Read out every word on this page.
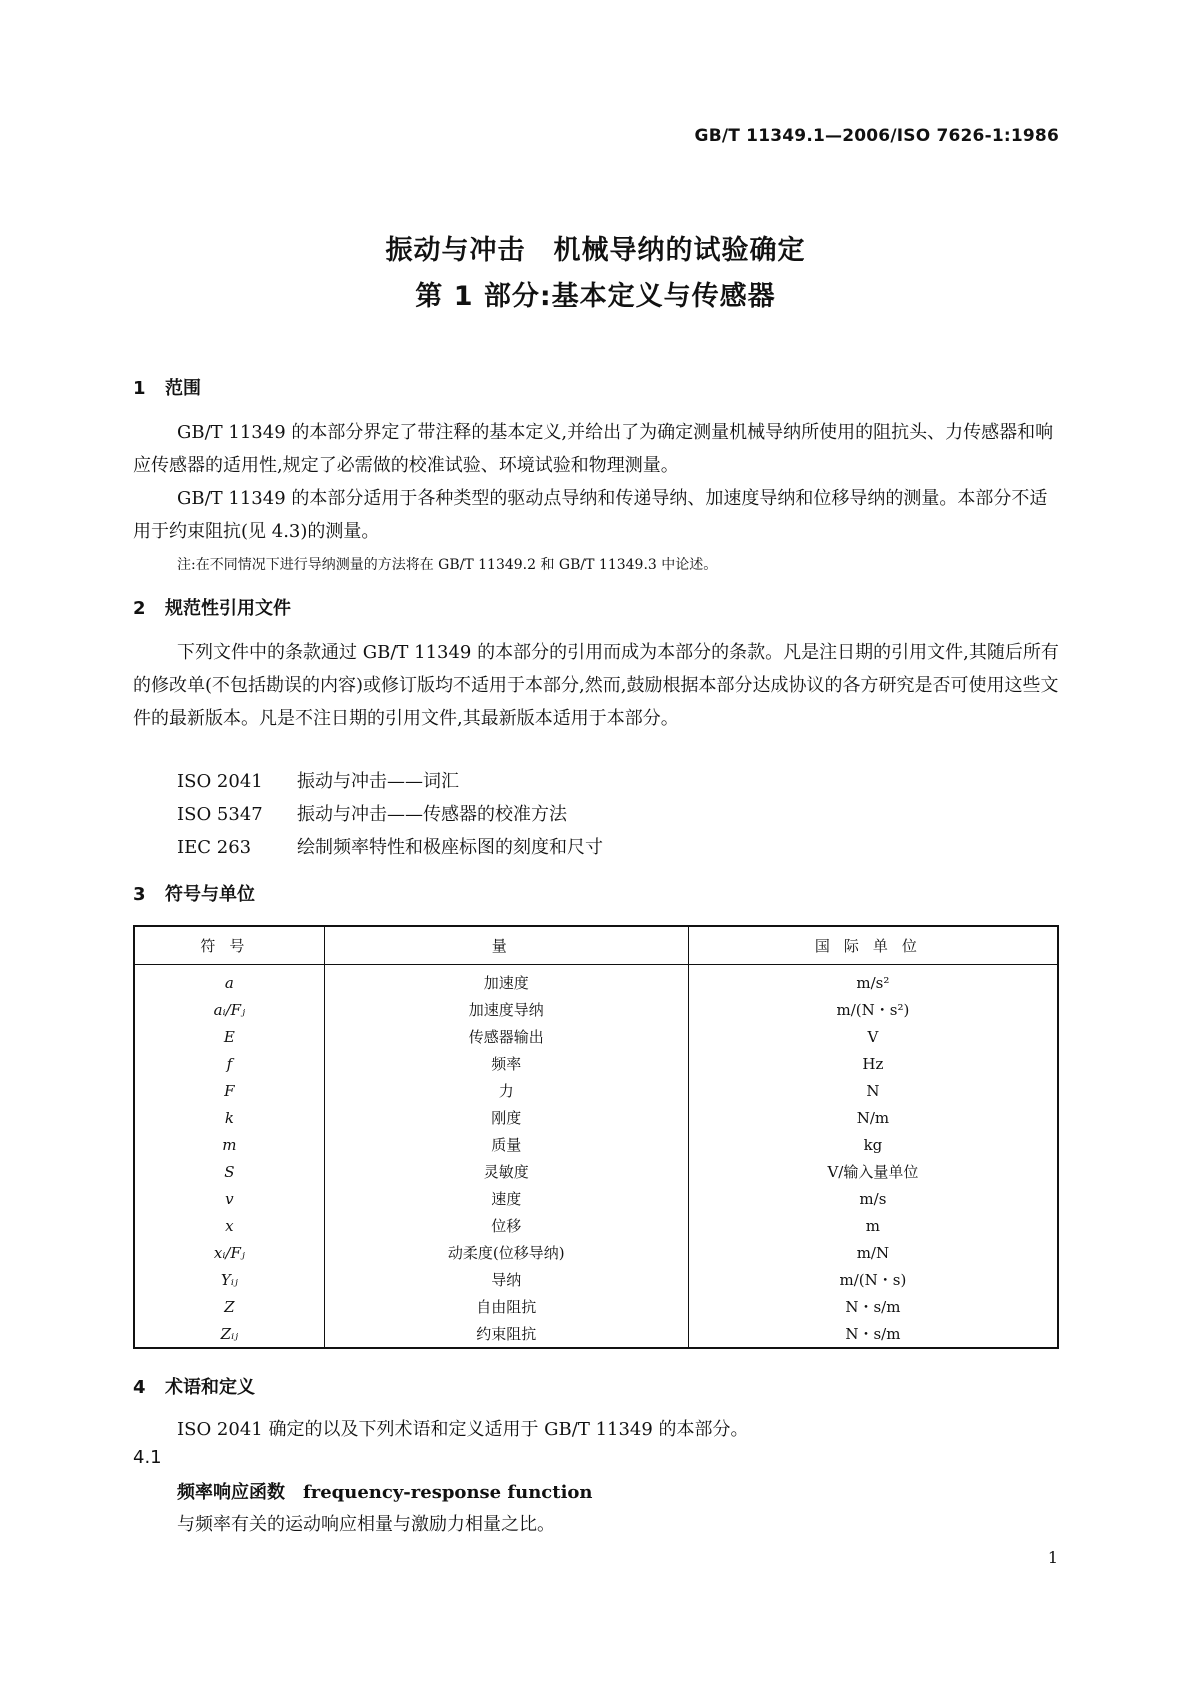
GB/T 11349.1—2006/ISO 7626-1:1986
振动与冲击　机械导纳的试验确定
第 1 部分:基本定义与传感器
1 范围
GB/T 11349 的本部分界定了带注释的基本定义,并给出了为确定测量机械导纳所使用的阻抗头、力传感器和响应传感器的适用性,规定了必需做的校准试验、环境试验和物理测量。
GB/T 11349 的本部分适用于各种类型的驱动点导纳和传递导纳、加速度导纳和位移导纳的测量。本部分不适用于约束阻抗(见 4.3)的测量。
注:在不同情况下进行导纳测量的方法将在 GB/T 11349.2 和 GB/T 11349.3 中论述。
2 规范性引用文件
下列文件中的条款通过 GB/T 11349 的本部分的引用而成为本部分的条款。凡是注日期的引用文件,其随后所有的修改单(不包括勘误的内容)或修订版均不适用于本部分,然而,鼓励根据本部分达成协议的各方研究是否可使用这些文件的最新版本。凡是不注日期的引用文件,其最新版本适用于本部分。
ISO 2041 振动与冲击——词汇
ISO 5347 振动与冲击——传感器的校准方法
IEC 263	绘制频率特性和极座标图的刻度和尺寸
3 符号与单位
符号	量	国际单位
a	加速度	m/s²
aᵢ/Fⱼ	加速度导纳	m/(N・s²)
E	传感器输出	V
f	频率	Hz
F	力	N
k	刚度	N/m
m	质量	kg
S	灵敏度	V/输入量单位
v	速度	m/s
x	位移	m
xᵢ/Fⱼ	动柔度(位移导纳)	m/N
Yᵢⱼ	导纳	m/(N・s)
Z	自由阻抗	N・s/m
Zᵢⱼ	约束阻抗	N・s/m
4 术语和定义
ISO 2041 确定的以及下列术语和定义适用于 GB/T 11349 的本部分。
4.1
频率响应函数 frequency-response function
与频率有关的运动响应相量与激励力相量之比。
1
